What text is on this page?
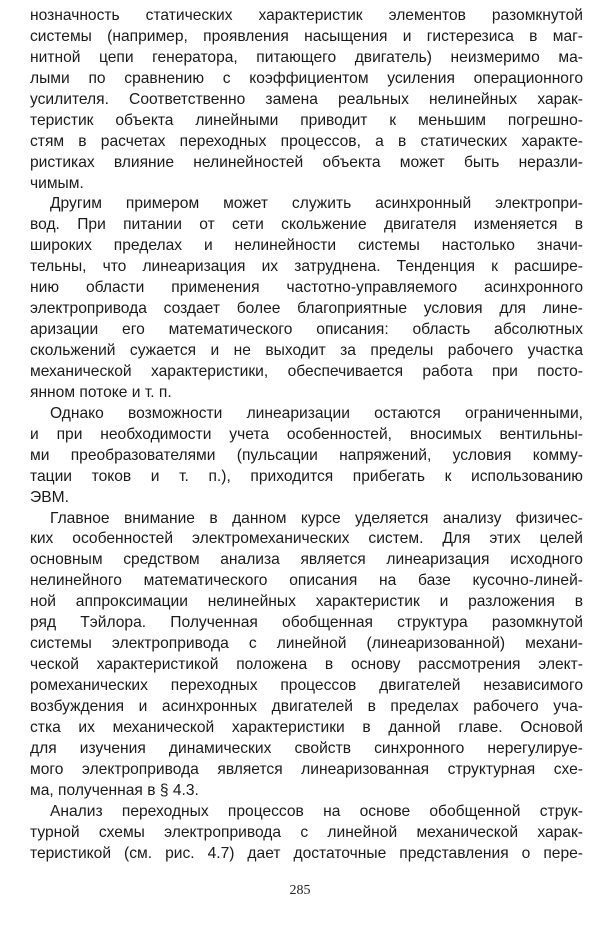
нозначность статических характеристик элементов разомкнутой
системы (например, проявления насыщения и гистерезиса в маг-
нитной цепи генератора, питающего двигатель) неизмеримо ма-
лыми по сравнению с коэффициентом усиления операционного
усилителя. Соответственно замена реальных нелинейных харак-
теристик объекта линейными приводит к меньшим погрешно-
стям в расчетах переходных процессов, а в статических характе-
ристиках влияние нелинейностей объекта может быть неразли-
чимым.
Другим примером может служить асинхронный электропри-
вод. При питании от сети скольжение двигателя изменяется в
широких пределах и нелинейности системы настолько значи-
тельны, что линеаризация их затруднена. Тенденция к расшире-
нию области применения частотно-управляемого асинхронного
электропривода создает более благоприятные условия для лине-
аризации его математического описания: область абсолютных
скольжений сужается и не выходит за пределы рабочего участка
механической характеристики, обеспечивается работа при посто-
янном потоке и т. п.
Однако возможности линеаризации остаются ограниченными,
и при необходимости учета особенностей, вносимых вентильны-
ми преобразователями (пульсации напряжений, условия комму-
тации токов и т. п.), приходится прибегать к использованию
ЭВМ.
Главное внимание в данном курсе уделяется анализу физичес-
ких особенностей электромеханических систем. Для этих целей
основным средством анализа является линеаризация исходного
нелинейного математического описания на базе кусочно-линей-
ной аппроксимации нелинейных характеристик и разложения в
ряд Тэйлора. Полученная обобщенная структура разомкнутой
системы электропривода с линейной (линеаризованной) механи-
ческой характеристикой положена в основу рассмотрения элект-
ромеханических переходных процессов двигателей независимого
возбуждения и асинхронных двигателей в пределах рабочего уча-
стка их механической характеристики в данной главе. Основой
для изучения динамических свойств синхронного нерегулируе-
мого электропривода является линеаризованная структурная схе-
ма, полученная в § 4.3.
Анализ переходных процессов на основе обобщенной струк-
турной схемы электропривода с линейной механической харак-
теристикой (см. рис. 4.7) дает достаточные представления о пере-
285
